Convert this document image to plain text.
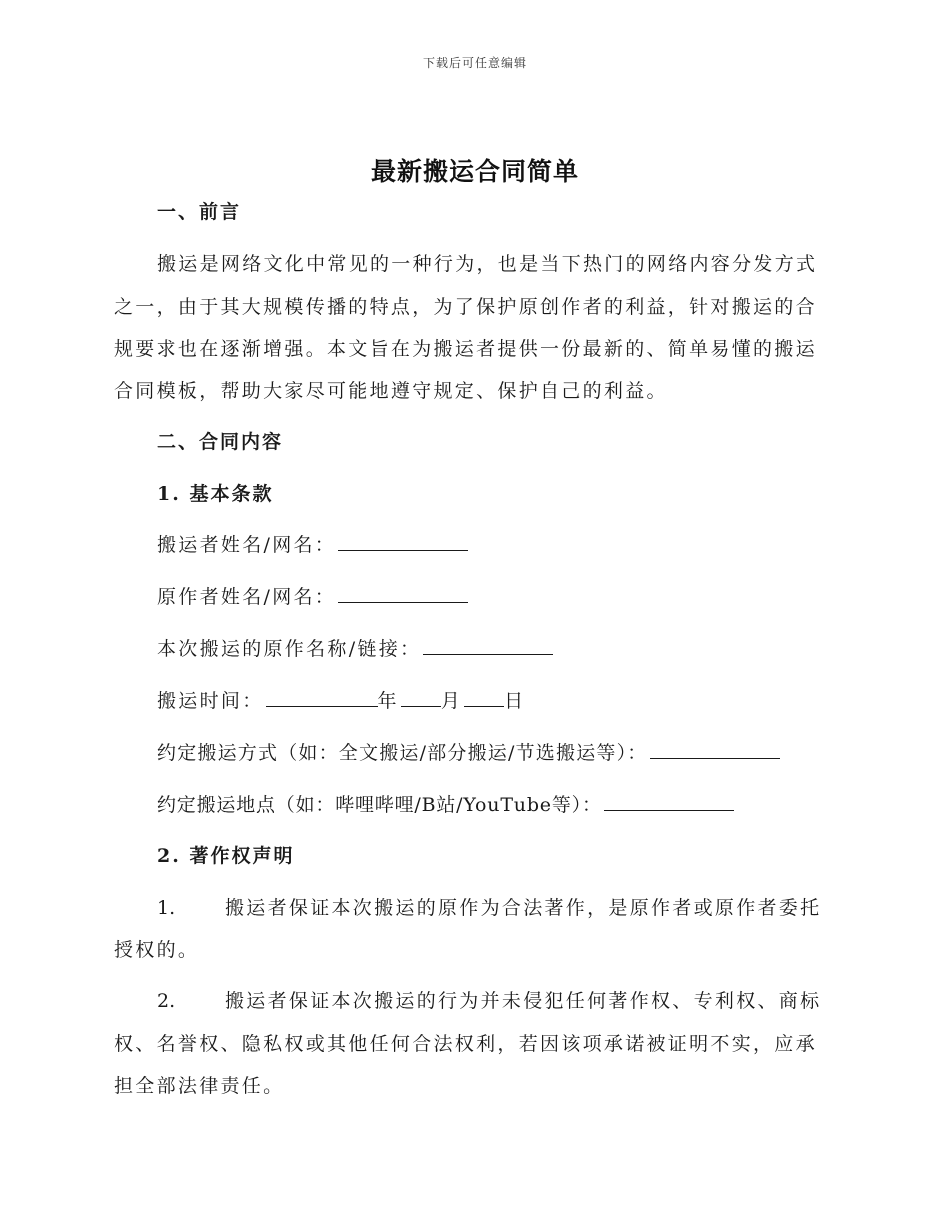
下载后可任意编辑
最新搬运合同简单
一、前言
搬运是网络文化中常见的一种行为，也是当下热门的网络内容分发方式
之一，由于其大规模传播的特点，为了保护原创作者的利益，针对搬运的合
规要求也在逐渐增强。本文旨在为搬运者提供一份最新的、简单易懂的搬运
合同模板，帮助大家尽可能地遵守规定、保护自己的利益。
二、合同内容
1. 基本条款
搬运者姓名/网名：
原作者姓名/网名：
本次搬运的原作名称/链接：
搬运时间：	年 月 日
约定搬运方式（如：全文搬运/部分搬运/节选搬运等）：
约定搬运地点（如：哔哩哔哩/B站/YouTube等）：
2. 著作权声明
1.	搬运者保证本次搬运的原作为合法著作，是原作者或原作者委托
授权的。
2.	搬运者保证本次搬运的行为并未侵犯任何著作权、专利权、商标
权、名誉权、隐私权或其他任何合法权利，若因该项承诺被证明不实，应承
担全部法律责任。
